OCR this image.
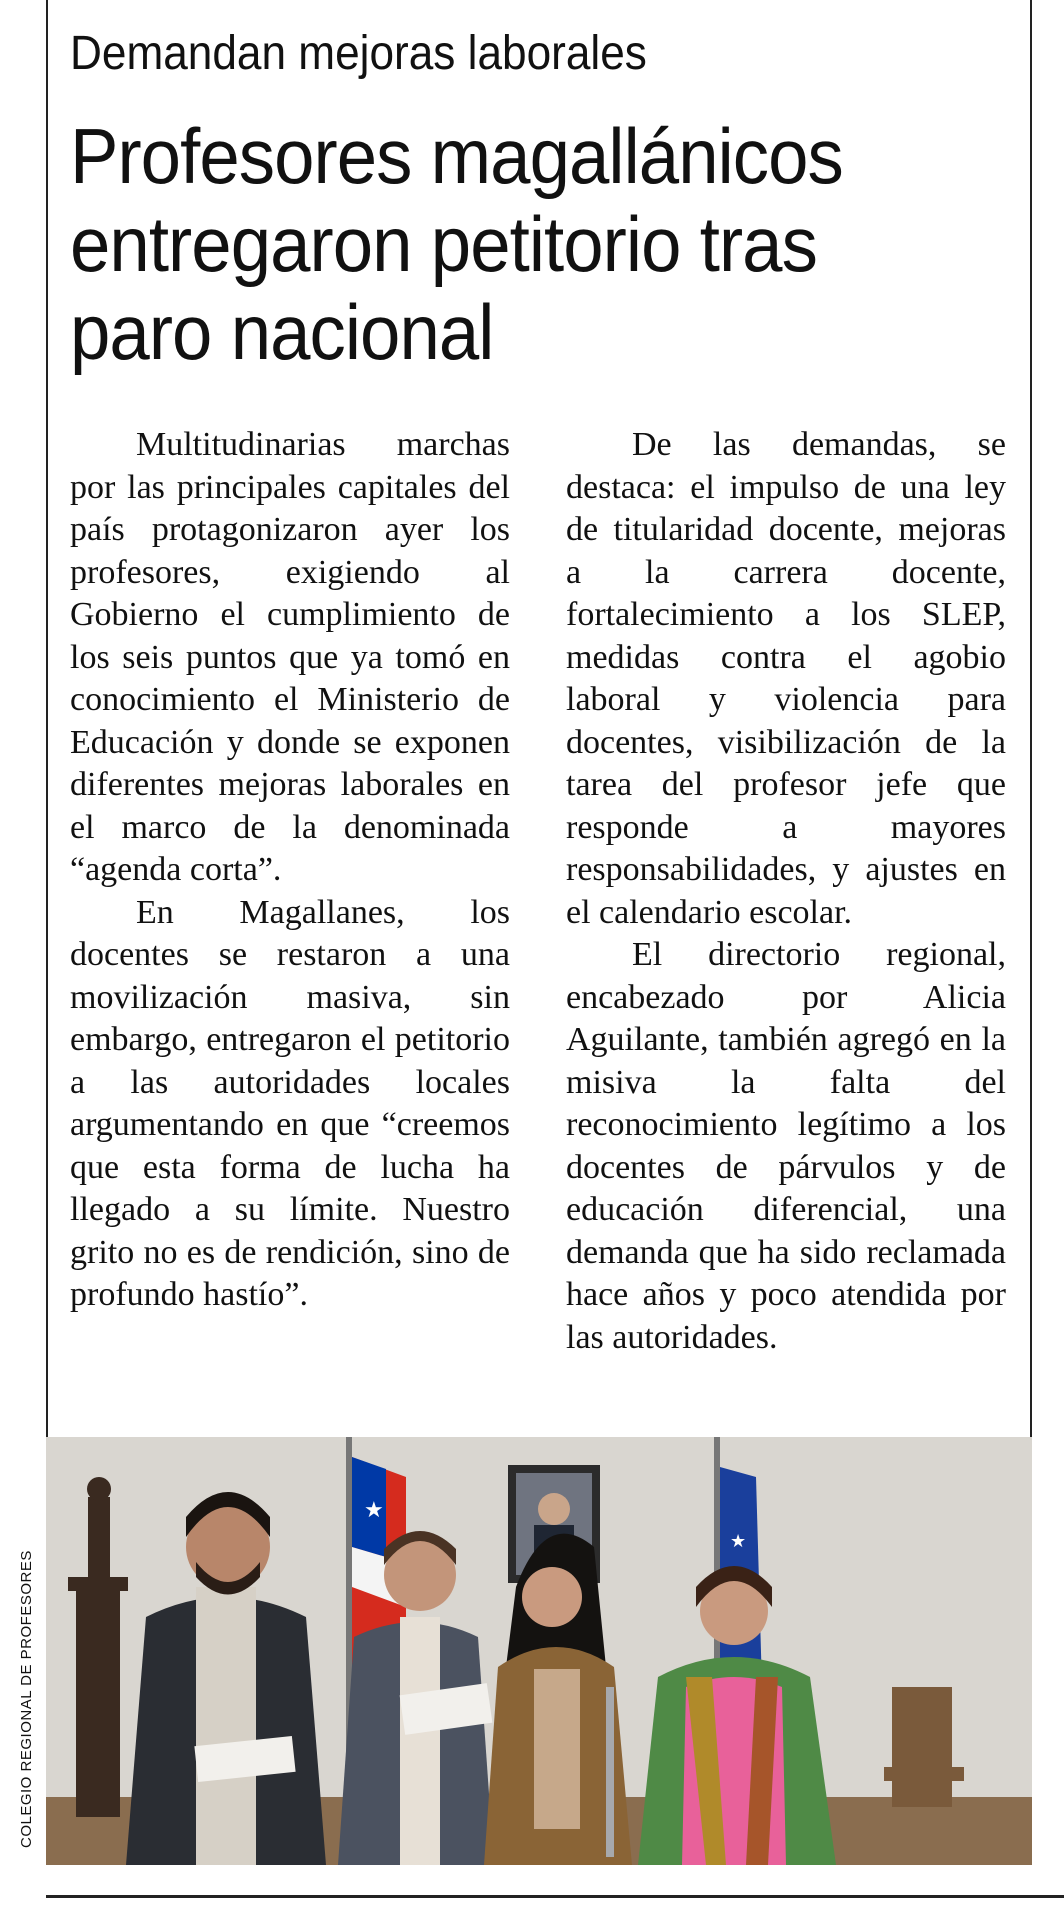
Demandan mejoras laborales
Profesores magallánicos entregaron petitorio tras paro nacional

Multitudinarias marchas por las principales capitales del país protagonizaron ayer los profesores, exigiendo al Gobierno el cumplimiento de los seis puntos que ya tomó en conocimiento el Ministerio de Educación y donde se exponen diferentes mejoras laborales en el marco de la denominada “agenda corta”.

En Magallanes, los docentes se restaron a una movilización masiva, sin embargo, entregaron el petitorio a las autoridades locales argumentando en que “creemos que esta forma de lucha ha llegado a su límite. Nuestro grito no es de rendición, sino de profundo hastío”.

De las demandas, se destaca: el impulso de una ley de titularidad docente, mejoras a la carrera docente, fortalecimiento a los SLEP, medidas contra el agobio laboral y violencia para docentes, visibilización de la tarea del profesor jefe que responde a mayores responsabilidades, y ajustes en el calendario escolar.

El directorio regional, encabezado por Alicia Aguilante, también agregó en la misiva la falta del reconocimiento legítimo a los docentes de párvulos y de educación diferencial, una demanda que ha sido reclamada hace años y poco atendida por las autoridades.

★
★
COLEGIO REGIONAL DE PROFESORES
